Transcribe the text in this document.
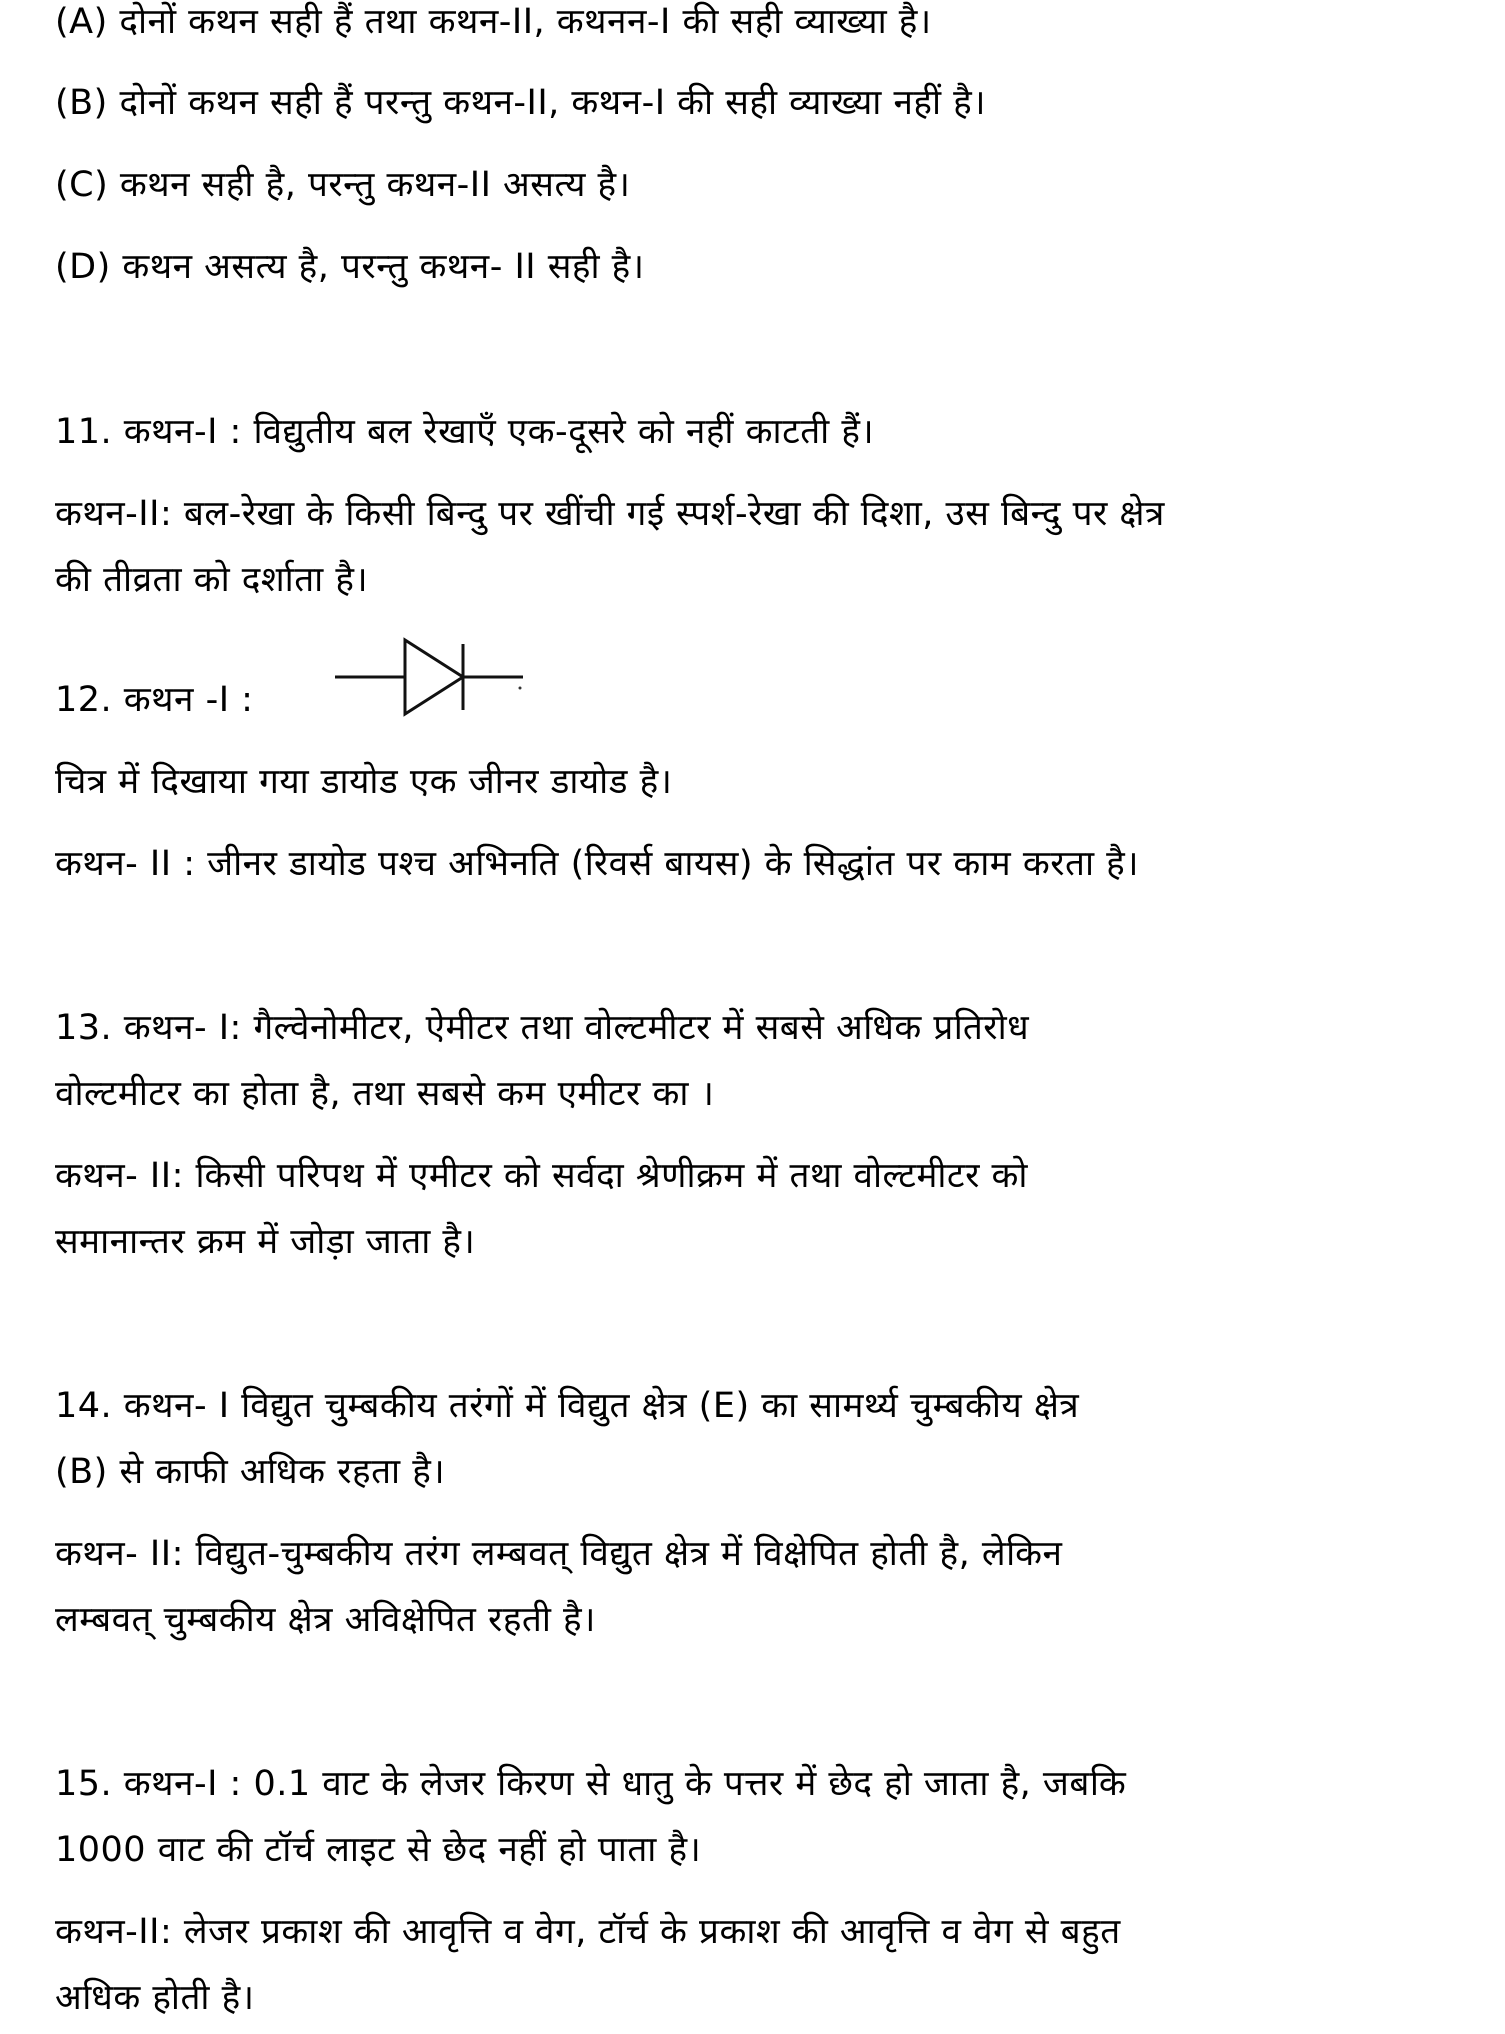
(A) दोनों कथन सही हैं तथा कथन-II, कथनन-I की सही व्याख्या है।
(B) दोनों कथन सही हैं परन्तु कथन-II, कथन-I की सही व्याख्या नहीं है।
(C) कथन सही है, परन्तु कथन-II असत्य है।
(D) कथन असत्य है, परन्तु कथन- II सही है।
11. कथन-I : विद्युतीय बल रेखाएँ एक-दूसरे को नहीं काटती हैं।
कथन-II: बल-रेखा के किसी बिन्दु पर खींची गई स्पर्श-रेखा की दिशा, उस बिन्दु पर क्षेत्र
की तीव्रता को दर्शाता है।
12. कथन -I :
चित्र में दिखाया गया डायोड एक जीनर डायोड है।
कथन- II : जीनर डायोड पश्च अभिनति (रिवर्स बायस) के सिद्धांत पर काम करता है।
13. कथन- I: गैल्वेनोमीटर, ऐमीटर तथा वोल्टमीटर में सबसे अधिक प्रतिरोध
वोल्टमीटर का होता है, तथा सबसे कम एमीटर का ।
कथन- II: किसी परिपथ में एमीटर को सर्वदा श्रेणीक्रम में तथा वोल्टमीटर को
समानान्तर क्रम में जोड़ा जाता है।
14. कथन- I विद्युत चुम्बकीय तरंगों में विद्युत क्षेत्र (E) का सामर्थ्य चुम्बकीय क्षेत्र
(B) से काफी अधिक रहता है।
कथन- II: विद्युत-चुम्बकीय तरंग लम्बवत् विद्युत क्षेत्र में विक्षेपित होती है, लेकिन
लम्बवत् चुम्बकीय क्षेत्र अविक्षेपित रहती है।
15. कथन-I : 0.1 वाट के लेजर किरण से धातु के पत्तर में छेद हो जाता है, जबकि
1000 वाट की टॉर्च लाइट से छेद नहीं हो पाता है।
कथन-II: लेजर प्रकाश की आवृत्ति व वेग, टॉर्च के प्रकाश की आवृत्ति व वेग से बहुत
अधिक होती है।
